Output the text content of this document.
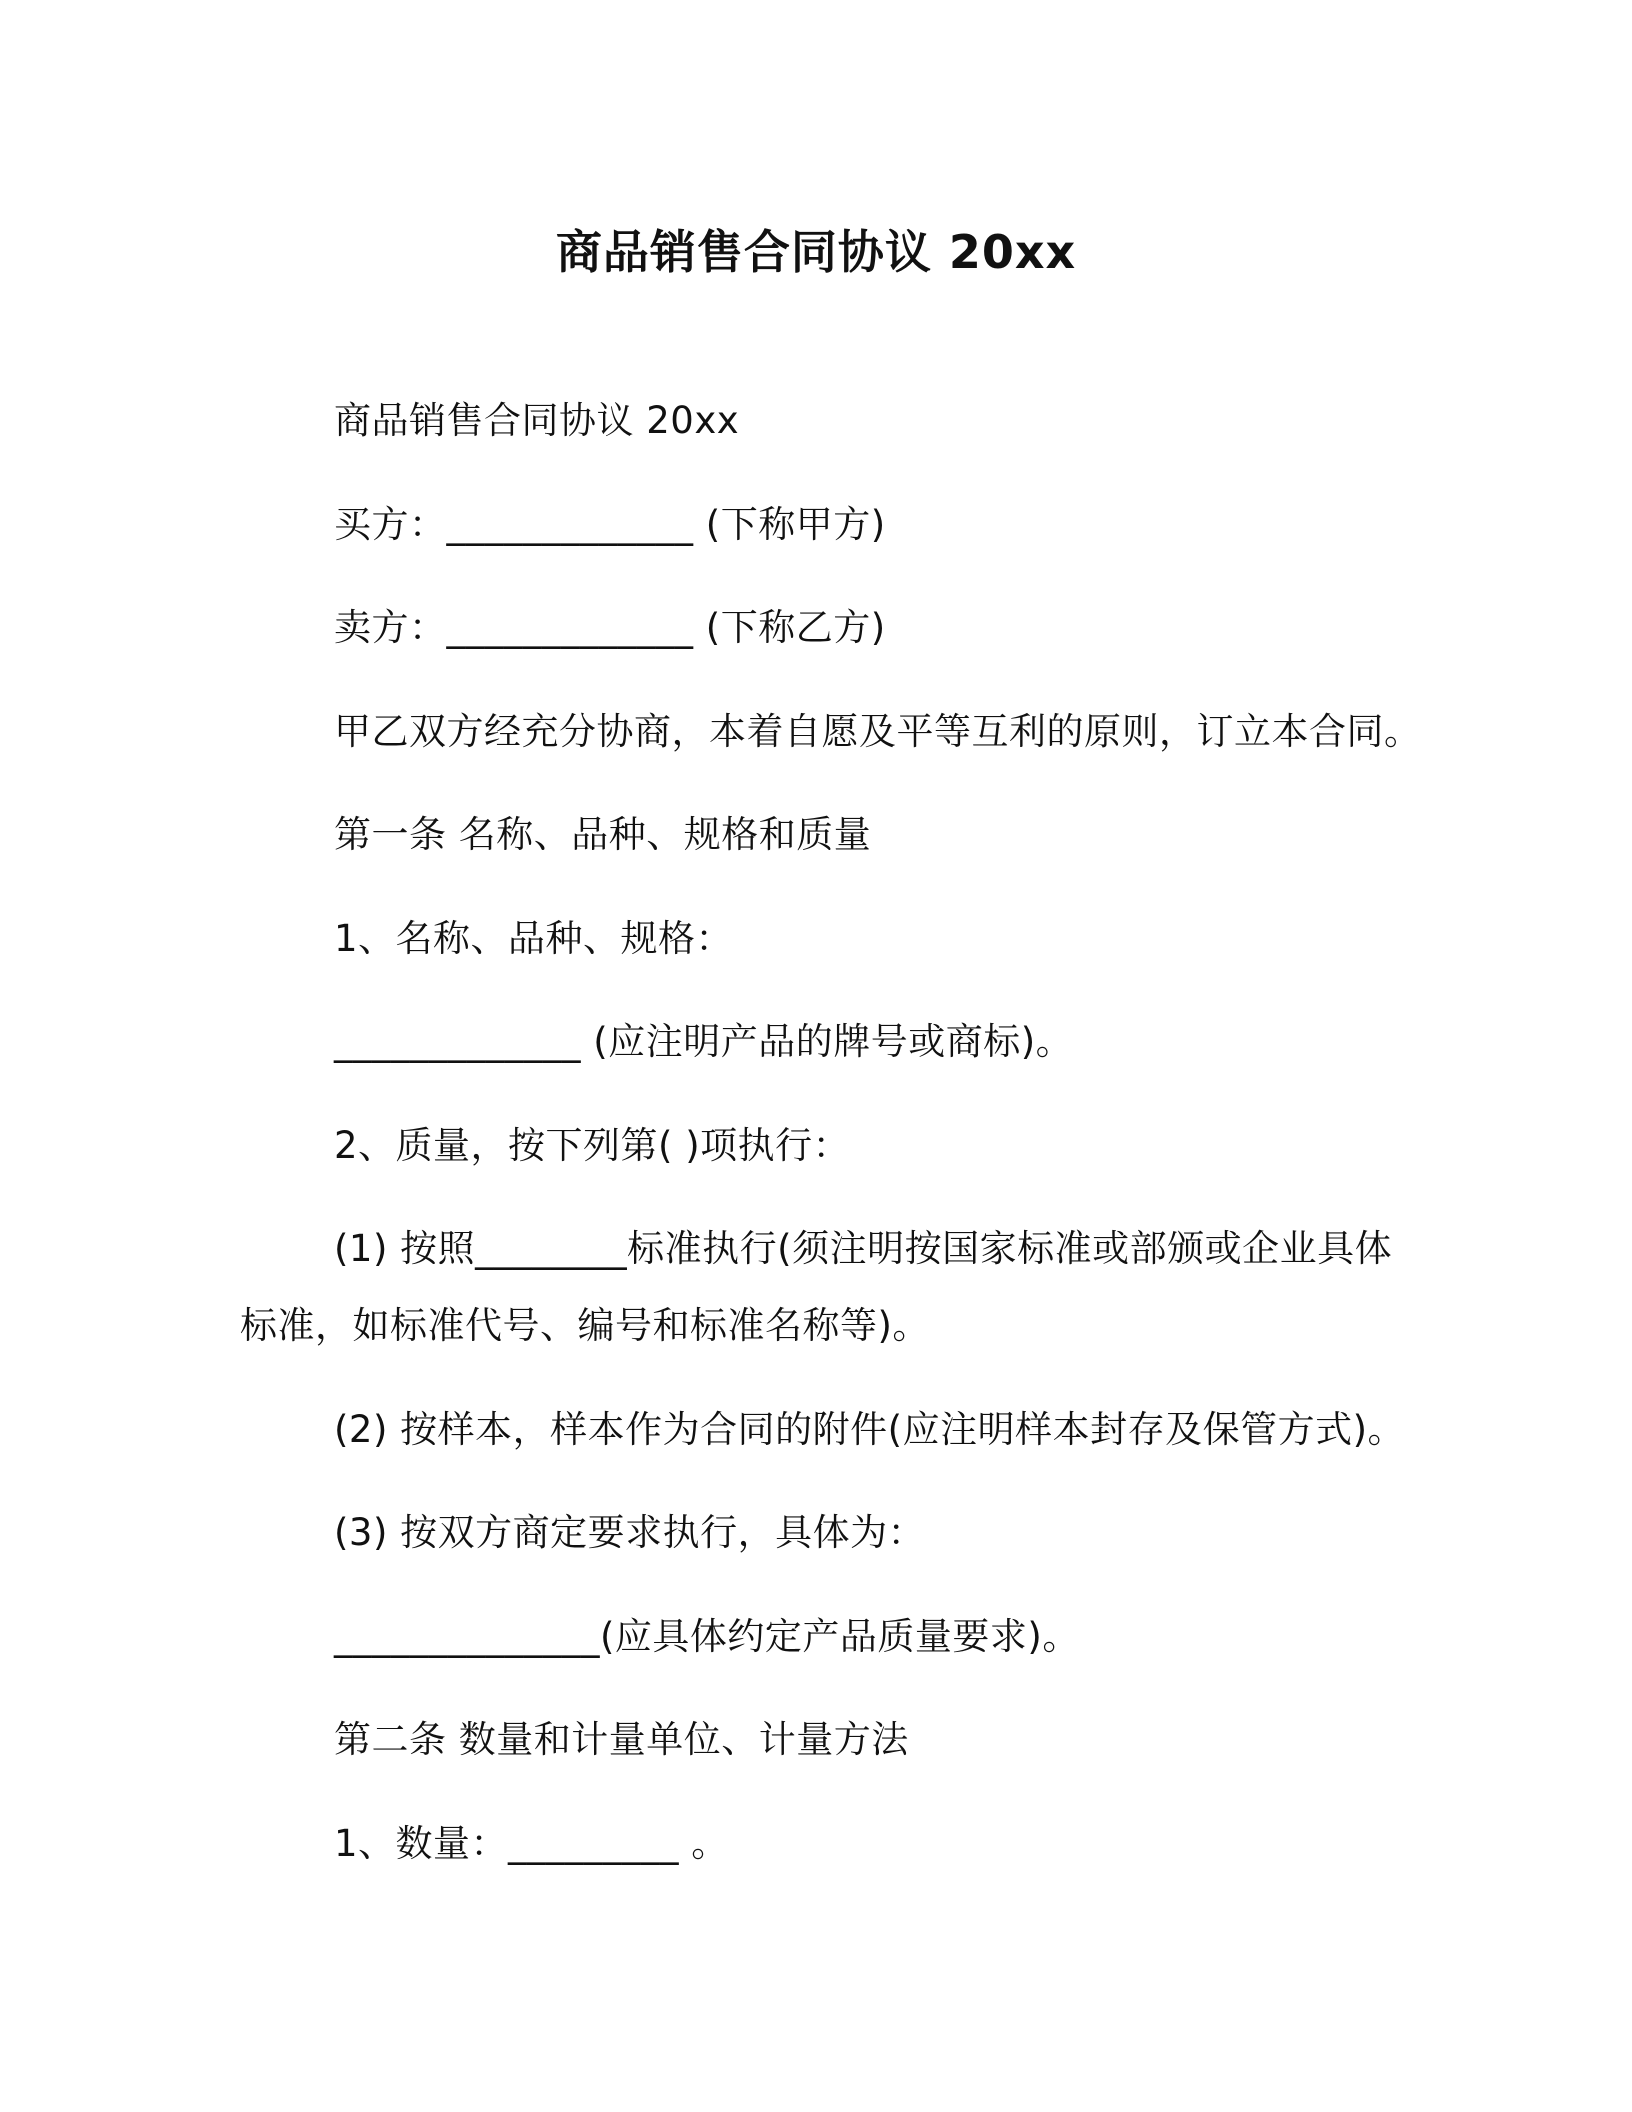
商品销售合同协议 20xx
商品销售合同协议 20xx
买方：_____________ (下称甲方)
卖方：_____________ (下称乙方)
甲乙双方经充分协商，本着自愿及平等互利的原则，订立本合同。
第一条 名称、品种、规格和质量
1、名称、品种、规格：
_____________ (应注明产品的牌号或商标)。
2、质量，按下列第( )项执行：
(1) 按照________标准执行(须注明按国家标准或部颁或企业具体
标准，如标准代号、编号和标准名称等)。
(2) 按样本，样本作为合同的附件(应注明样本封存及保管方式)。
(3) 按双方商定要求执行，具体为：
______________(应具体约定产品质量要求)。
第二条 数量和计量单位、计量方法
1、数量：_________ 。
